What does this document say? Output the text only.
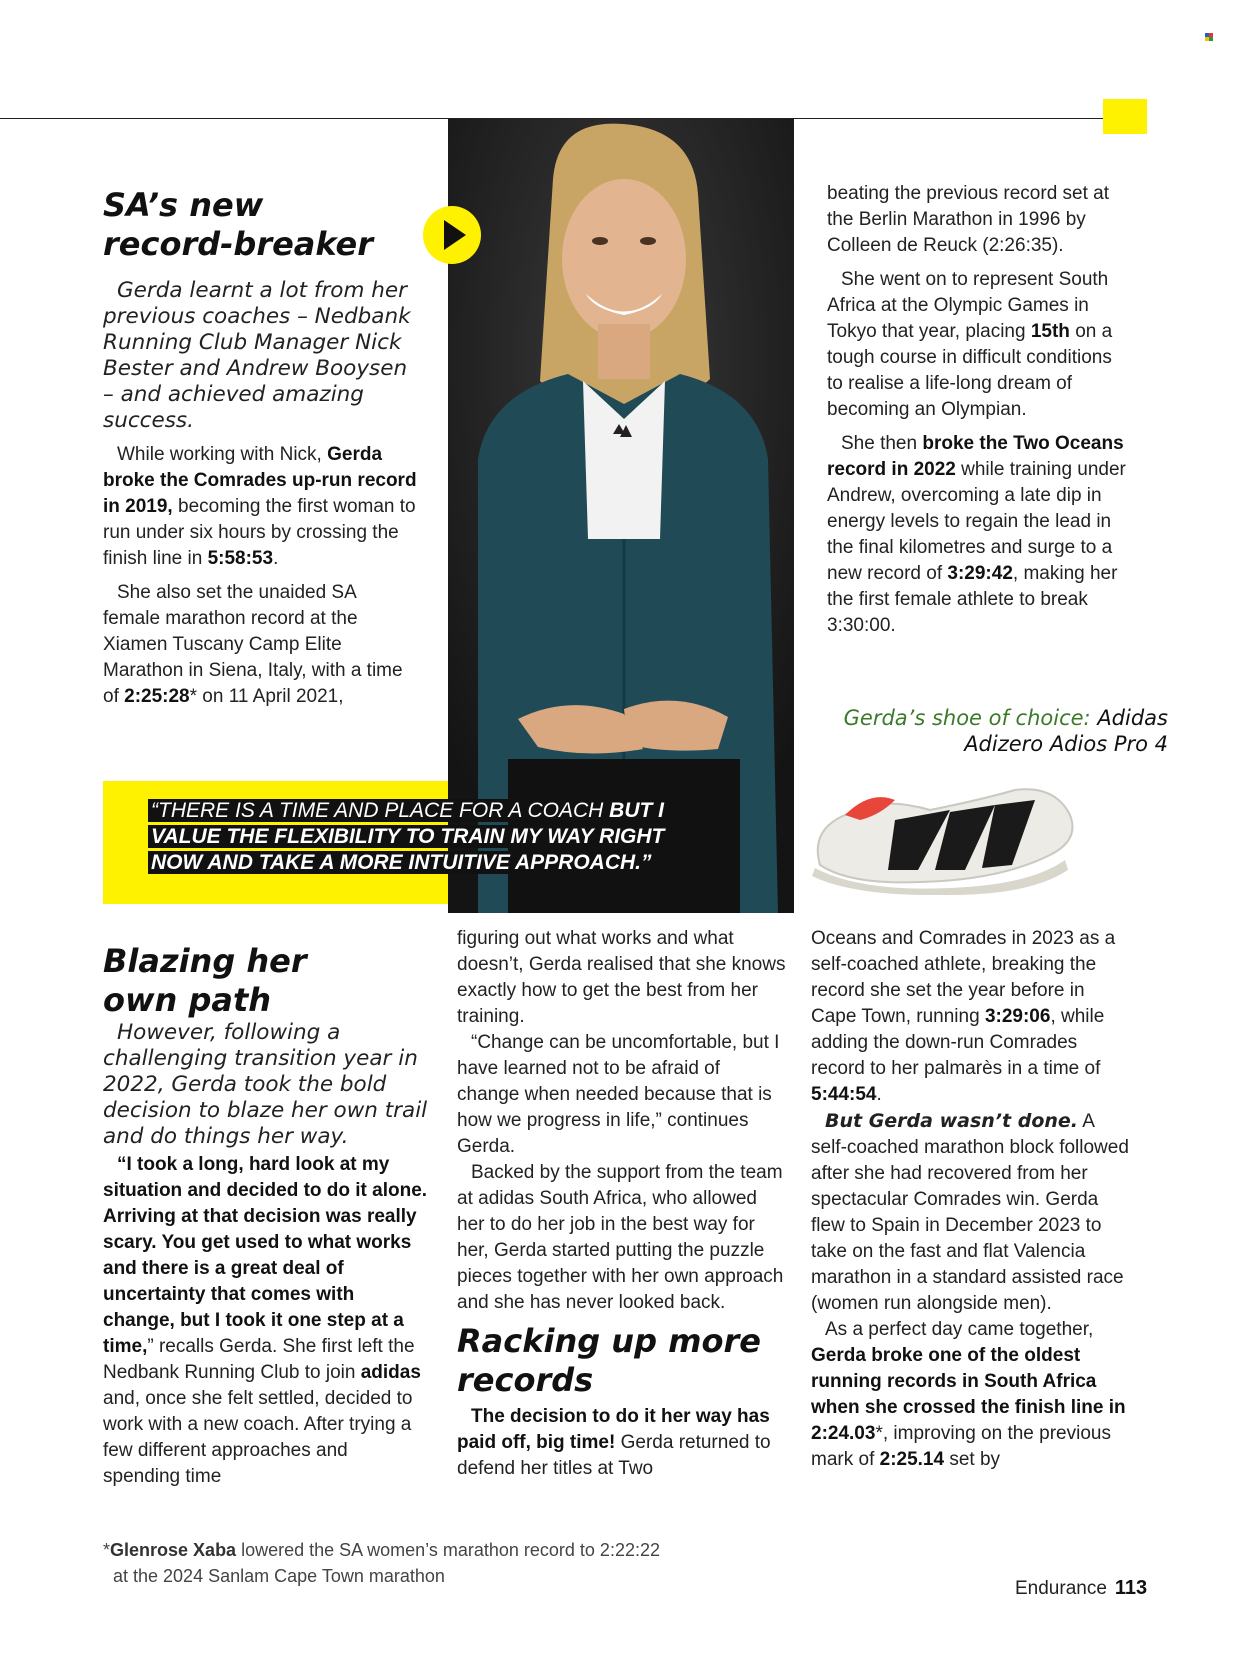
“THERE IS A TIME AND PLACE FOR A COACH BUT I
VALUE THE FLEXIBILITY TO TRAIN MY WAY RIGHT
NOW AND TAKE A MORE INTUITIVE APPROACH.”
SA’s new
record-breaker

Gerda learnt a lot from her previous coaches – Nedbank Running Club Manager Nick Bester and Andrew Booysen – and achieved amazing success.

While working with Nick, Gerda broke the Comrades up-run record in 2019, becoming the first woman to run under six hours by crossing the finish line in 5:58:53.

She also set the unaided SA female marathon record at the Xiamen Tuscany Camp Elite Marathon in Siena, Italy, with a time of 2:25:28* on 11 April 2021,

beating the previous record set at the Berlin Marathon in 1996 by Colleen de Reuck (2:26:35).

She went on to represent South Africa at the Olympic Games in Tokyo that year, placing 15th on a tough course in difficult conditions to realise a life-long dream of becoming an Olympian.

She then broke the Two Oceans record in 2022 while training under Andrew, overcoming a late dip in energy levels to regain the lead in the final kilometres and surge to a new record of 3:29:42, making her the first female athlete to break 3:30:00.

Gerda’s shoe of choice: Adidas Adizero Adios Pro 4
Blazing her
own path

However, following a challenging transition year in 2022, Gerda took the bold decision to blaze her own trail and do things her way.

“I took a long, hard look at my situation and decided to do it alone. Arriving at that decision was really scary. You get used to what works and there is a great deal of uncertainty that comes with change, but I took it one step at a time,” recalls Gerda. She first left the Nedbank Running Club to join adidas and, once she felt settled, decided to work with a new coach. After trying a few different approaches and spending time

figuring out what works and what doesn’t, Gerda realised that she knows exactly how to get the best from her training.

“Change can be uncomfortable, but I have learned not to be afraid of change when needed because that is how we progress in life,” continues Gerda.

Backed by the support from the team at adidas South Africa, who allowed her to do her job in the best way for her, Gerda started putting the puzzle pieces together with her own approach and she has never looked back.

Racking up more
records

The decision to do it her way has paid off, big time! Gerda returned to defend her titles at Two

Oceans and Comrades in 2023 as a self-coached athlete, breaking the record she set the year before in Cape Town, running 3:29:06, while adding the down-run Comrades record to her palmarès in a time of 5:44:54.

But Gerda wasn’t done. A self-coached marathon block followed after she had recovered from her spectacular Comrades win. Gerda flew to Spain in December 2023 to take on the fast and flat Valencia marathon in a standard assisted race (women run alongside men).

As a perfect day came together, Gerda broke one of the oldest running records in South Africa when she crossed the finish line in 2:24.03*, improving on the previous mark of 2:25.14 set by

*Glenrose Xaba lowered the SA women’s marathon record to 2:22:22
at the 2024 Sanlam Cape Town marathon
Endurance 113
